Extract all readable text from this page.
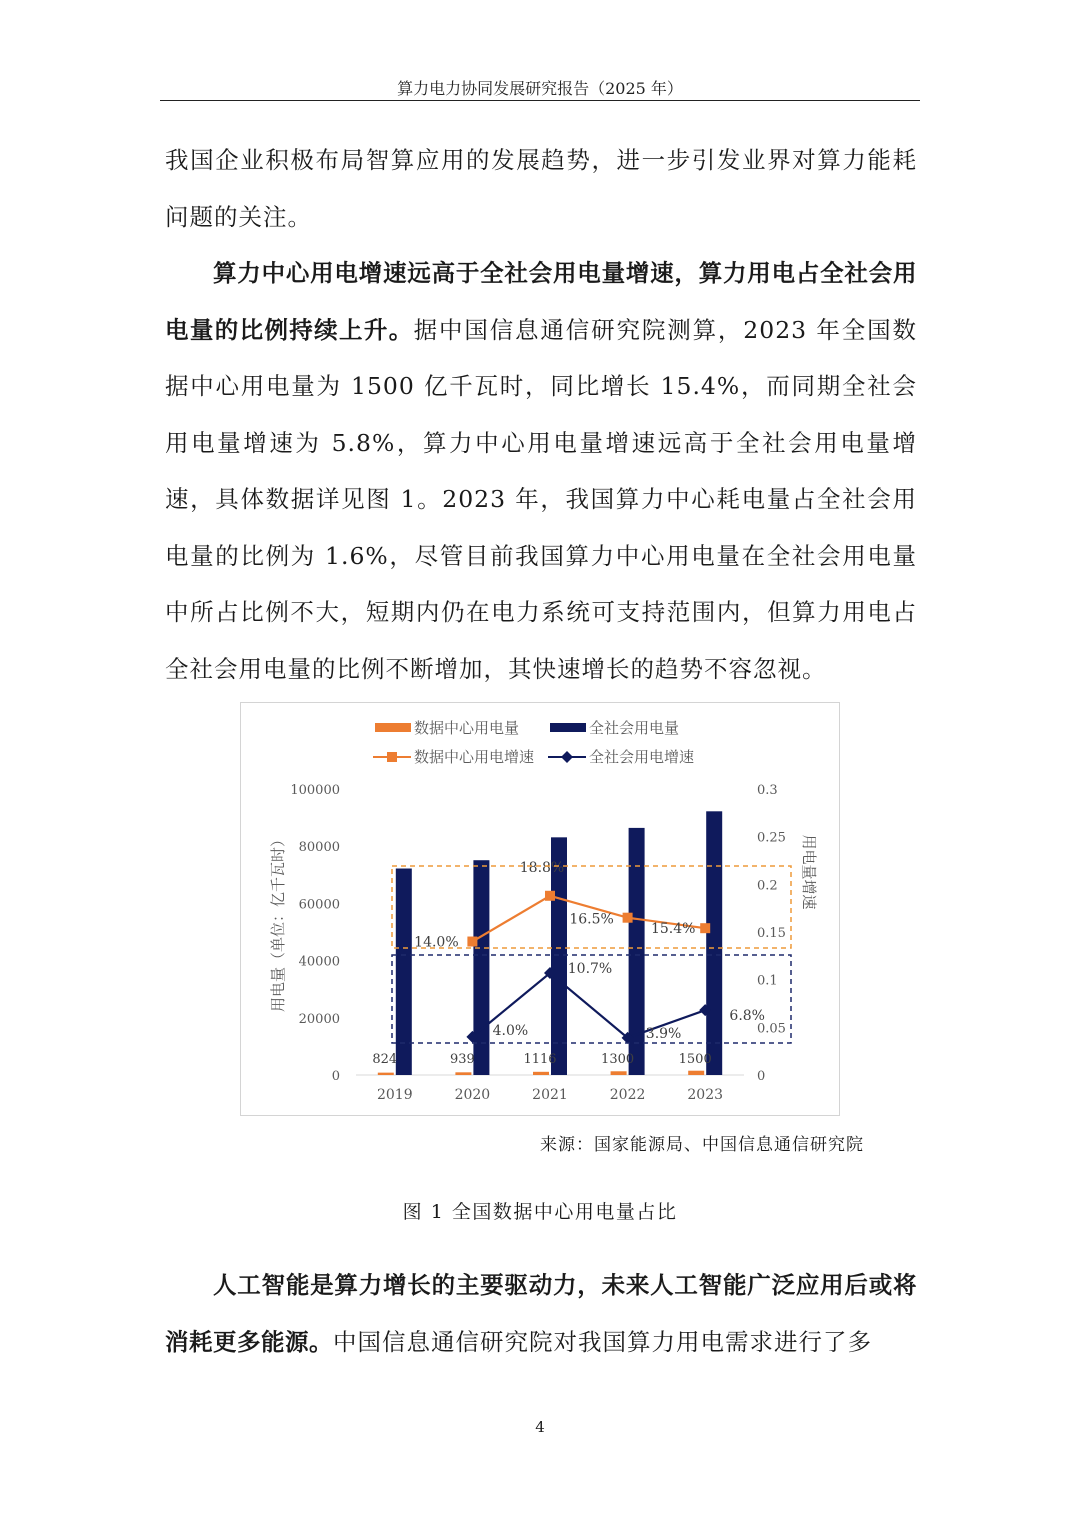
算力电力协同发展研究报告（2025 年）

我国企业积极布局智算应用的发展趋势，进一步引发业界对算力能耗问题的关注。

算力中心用电增速远高于全社会用电量增速，算力用电占全社会用电量的比例持续上升。据中国信息通信研究院测算，2023 年全国数据中心用电量为 1500 亿千瓦时，同比增长 15.4%，而同期全社会用电量增速为 5.8%，算力中心用电量增速远高于全社会用电量增速，具体数据详见图 1。2023 年，我国算力中心耗电量占全社会用电量的比例为 1.6%，尽管目前我国算力中心用电量在全社会用电量中所占比例不大，短期内仍在电力系统可支持范围内，但算力用电占全社会用电量的比例不断增加，其快速增长的趋势不容忽视。

0
20000
40000
60000
80000
100000
0
0.05
0.1
0.15
0.2
0.25
0.3
用电量（单位：亿千瓦时）	用电量增速
2019	2020	2021	2022	2023
824	939	1116	1300	1500
14.0%
18.8%
16.5%
15.4%
4.0%
10.7%
3.9%
6.8%
数据中心用电量	全社会用电量
数据中心用电增速	全社会用电增速
来源：国家能源局、中国信息通信研究院
图 1 全国数据中心用电量占比

人工智能是算力增长的主要驱动力，未来人工智能广泛应用后或将消耗更多能源。中国信息通信研究院对我国算力用电需求进行了多

4
